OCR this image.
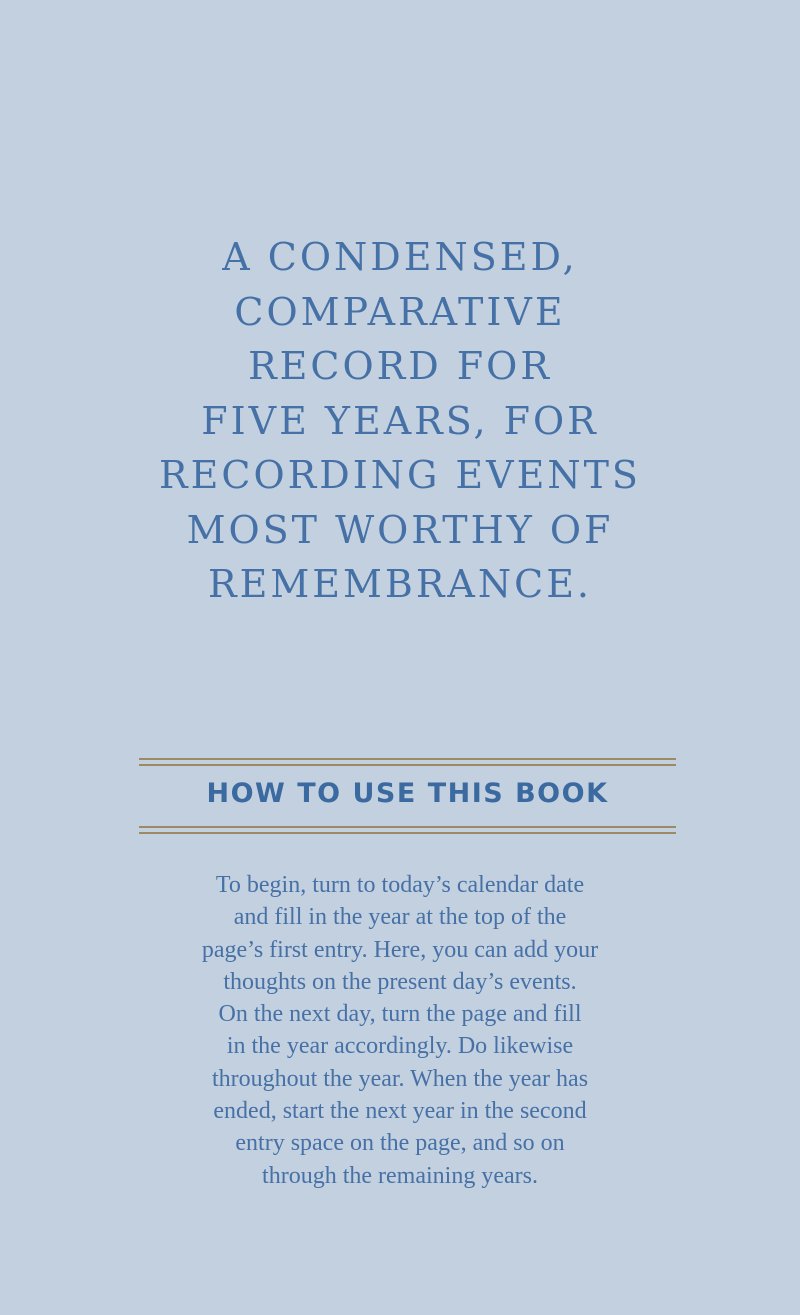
A CONDENSED,
COMPARATIVE
RECORD FOR
FIVE YEARS, FOR
RECORDING EVENTS
MOST WORTHY OF
REMEMBRANCE.
HOW TO USE THIS BOOK
To begin, turn to today’s calendar date
and fill in the year at the top of the
page’s first entry. Here, you can add your
thoughts on the present day’s events.
On the next day, turn the page and fill
in the year accordingly. Do likewise
throughout the year. When the year has
ended, start the next year in the second
entry space on the page, and so on
through the remaining years.
